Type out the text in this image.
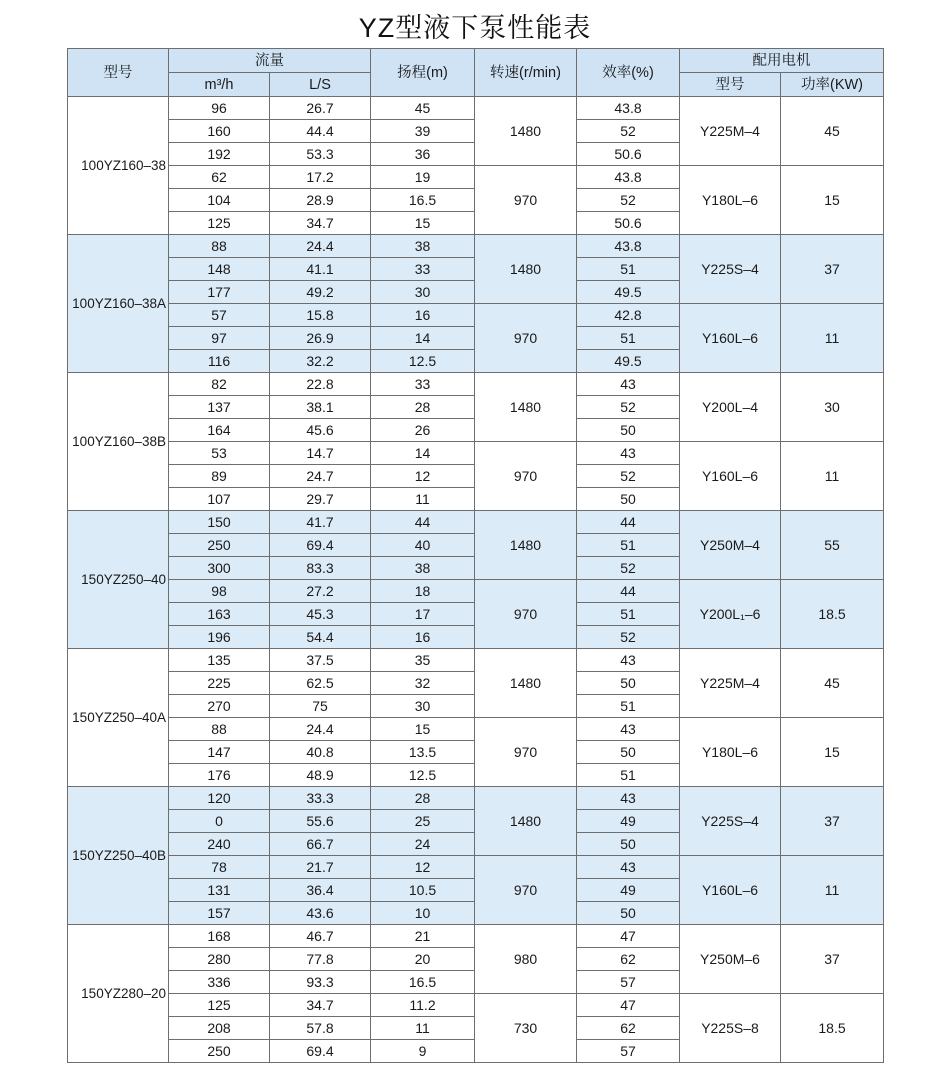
YZ型液下泵性能表
型号	流量		扬程(m)	转速(r/min)	效率(%)	配用电机	
	m³/h	L/S				型号	功率(KW)
100YZ160–38	96	26.7	45	1480	43.8	Y225M–4	45
	160	44.4	39		52		
	192	53.3	36		50.6		
	62	17.2	19	970	43.8	Y180L–6	15
	104	28.9	16.5		52		
	125	34.7	15		50.6		
100YZ160–38A	88	24.4	38	1480	43.8	Y225S–4	37
	148	41.1	33		51		
	177	49.2	30		49.5		
	57	15.8	16	970	42.8	Y160L–6	11
	97	26.9	14		51		
	116	32.2	12.5		49.5		
100YZ160–38B	82	22.8	33	1480	43	Y200L–4	30
	137	38.1	28		52		
	164	45.6	26		50		
	53	14.7	14	970	43	Y160L–6	11
	89	24.7	12		52		
	107	29.7	11		50		
150YZ250–40	150	41.7	44	1480	44	Y250M–4	55
	250	69.4	40		51		
	300	83.3	38		52		
	98	27.2	18	970	44	Y200L₁–6	18.5
	163	45.3	17		51		
	196	54.4	16		52		
150YZ250–40A	135	37.5	35	1480	43	Y225M–4	45
	225	62.5	32		50		
	270	75	30		51		
	88	24.4	15	970	43	Y180L–6	15
	147	40.8	13.5		50		
	176	48.9	12.5		51		
150YZ250–40B	120	33.3	28	1480	43	Y225S–4	37
	0	55.6	25		49		
	240	66.7	24		50		
	78	21.7	12	970	43	Y160L–6	11
	131	36.4	10.5		49		
	157	43.6	10		50		
150YZ280–20	168	46.7	21	980	47	Y250M–6	37
	280	77.8	20		62		
	336	93.3	16.5		57		
	125	34.7	11.2	730	47	Y225S–8	18.5
	208	57.8	11		62		
	250	69.4	9		57		
